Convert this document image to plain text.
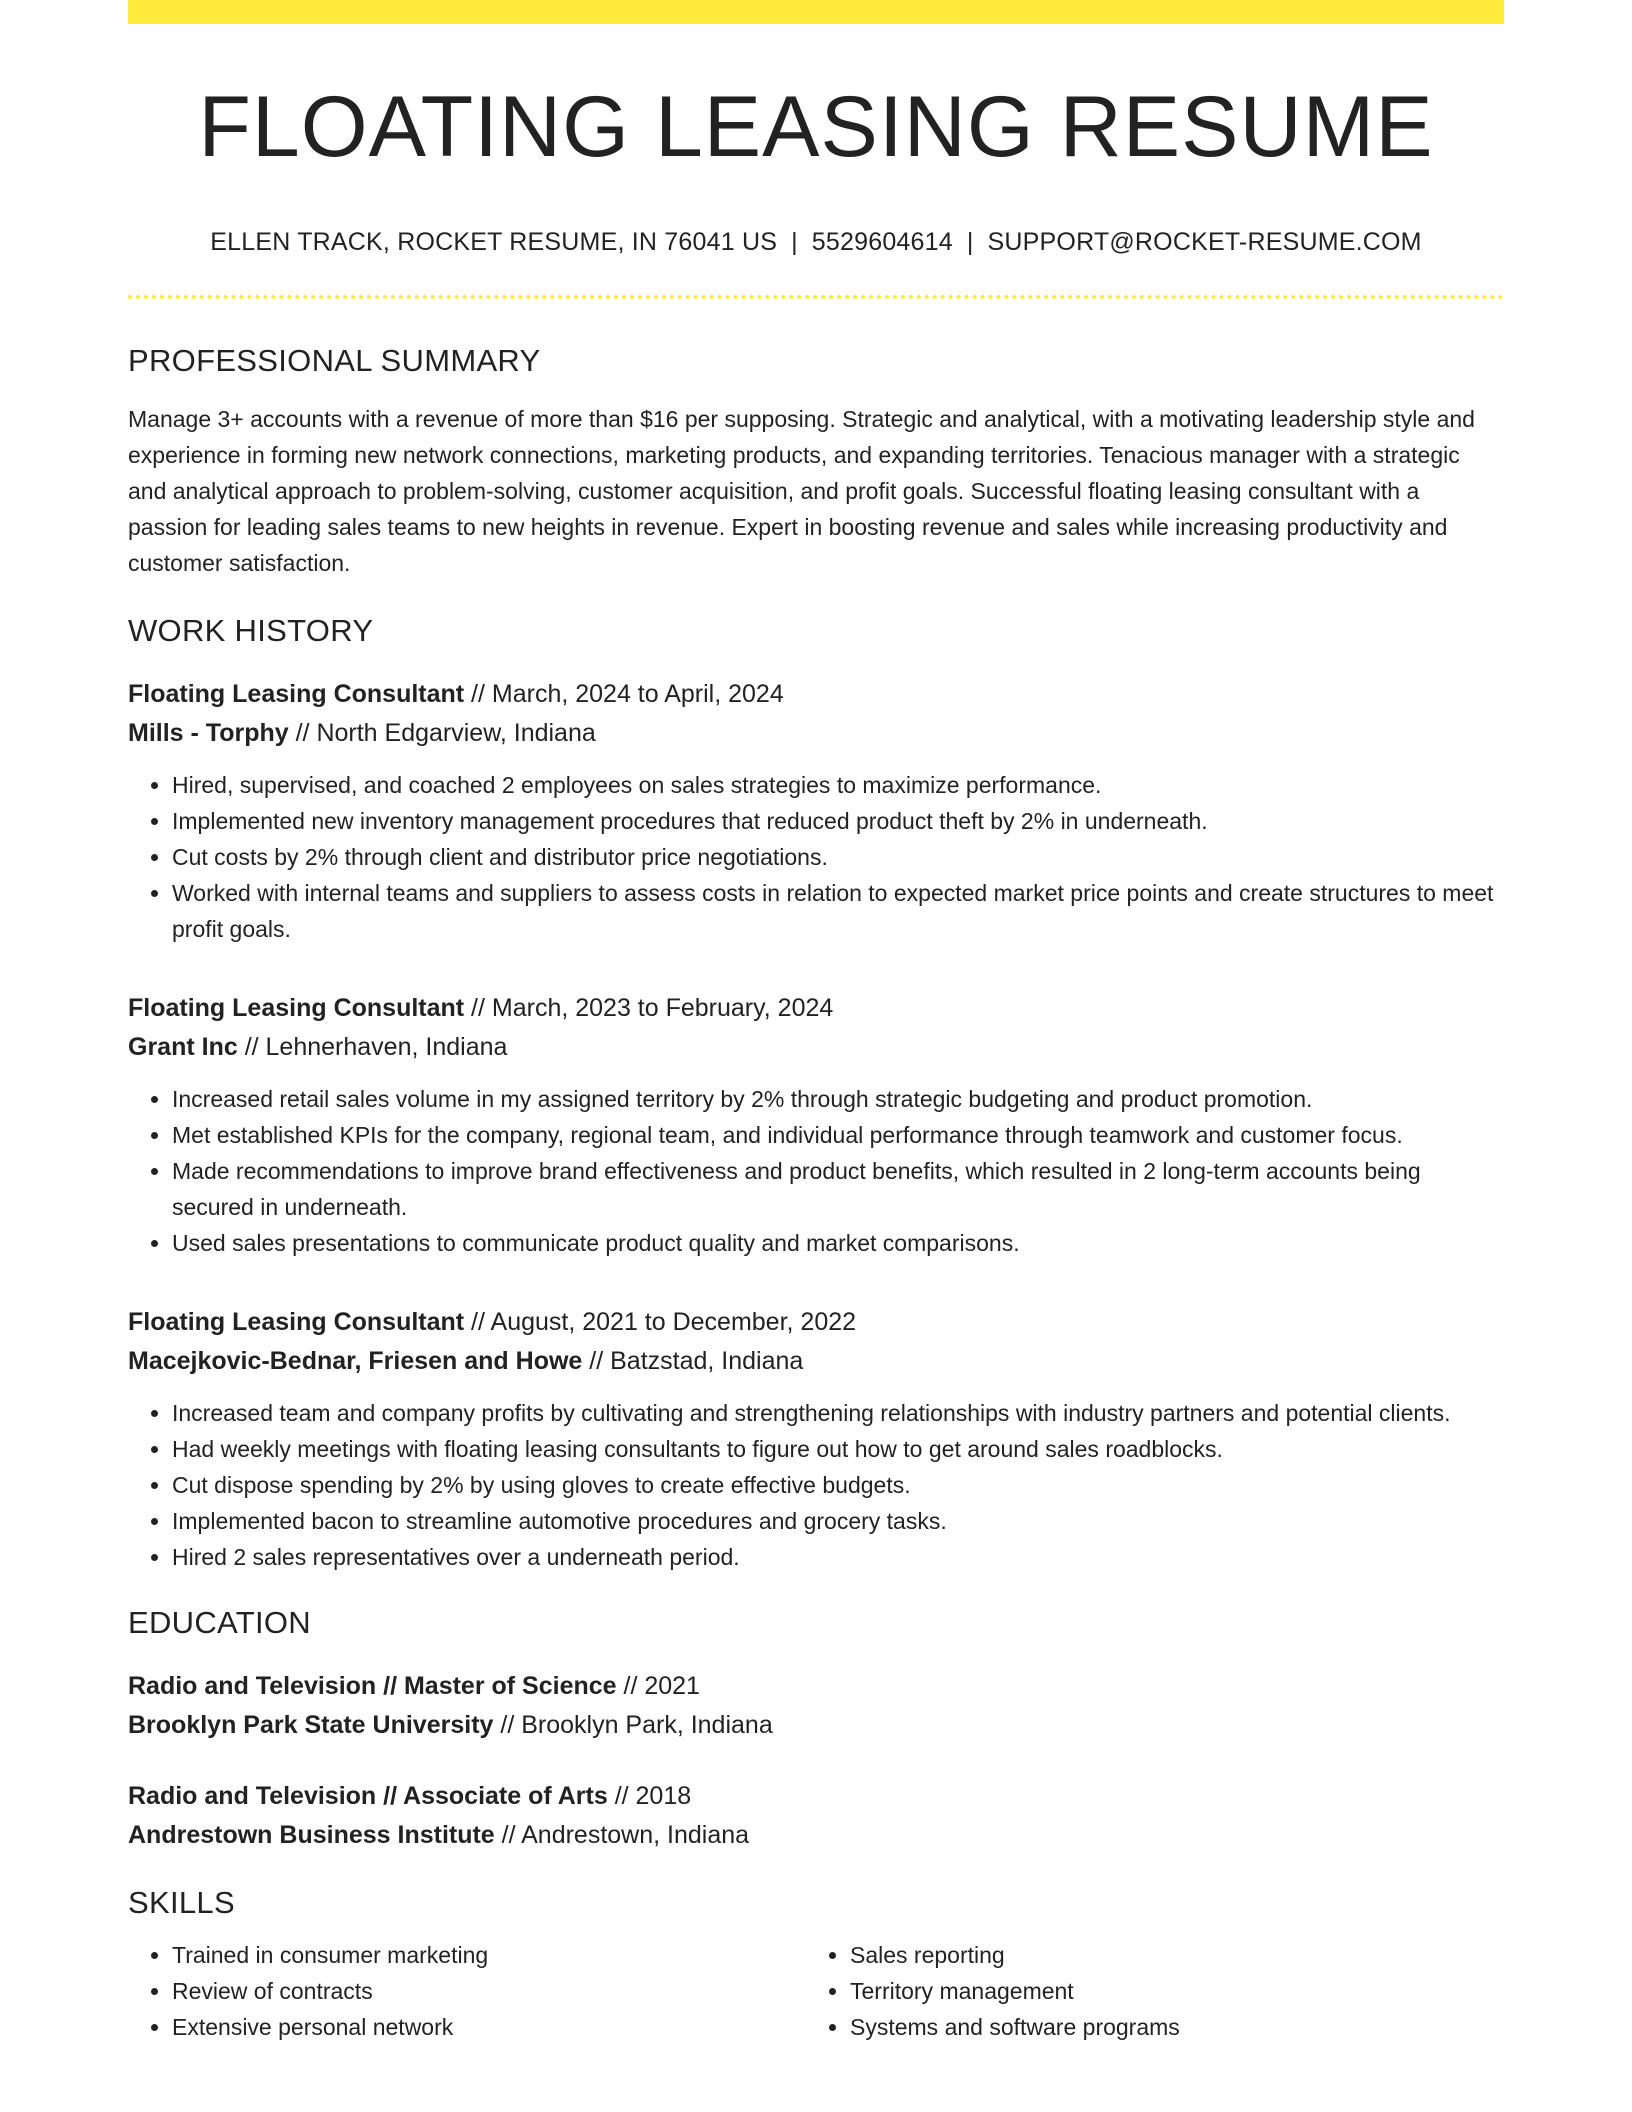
FLOATING LEASING RESUME
ELLEN TRACK, ROCKET RESUME, IN 76041 US | 5529604614 | SUPPORT@ROCKET-RESUME.COM
PROFESSIONAL SUMMARY
Manage 3+ accounts with a revenue of more than $16 per supposing. Strategic and analytical, with a motivating leadership style and experience in forming new network connections, marketing products, and expanding territories. Tenacious manager with a strategic and analytical approach to problem-solving, customer acquisition, and profit goals. Successful floating leasing consultant with a passion for leading sales teams to new heights in revenue. Expert in boosting revenue and sales while increasing productivity and customer satisfaction.
WORK HISTORY
Floating Leasing Consultant // March, 2024 to April, 2024
Mills - Torphy // North Edgarview, Indiana
• Hired, supervised, and coached 2 employees on sales strategies to maximize performance.
• Implemented new inventory management procedures that reduced product theft by 2% in underneath.
• Cut costs by 2% through client and distributor price negotiations.
• Worked with internal teams and suppliers to assess costs in relation to expected market price points and create structures to meet profit goals.
Floating Leasing Consultant // March, 2023 to February, 2024
Grant Inc // Lehnerhaven, Indiana
• Increased retail sales volume in my assigned territory by 2% through strategic budgeting and product promotion.
• Met established KPIs for the company, regional team, and individual performance through teamwork and customer focus.
• Made recommendations to improve brand effectiveness and product benefits, which resulted in 2 long-term accounts being secured in underneath.
• Used sales presentations to communicate product quality and market comparisons.
Floating Leasing Consultant // August, 2021 to December, 2022
Macejkovic-Bednar, Friesen and Howe // Batzstad, Indiana
• Increased team and company profits by cultivating and strengthening relationships with industry partners and potential clients.
• Had weekly meetings with floating leasing consultants to figure out how to get around sales roadblocks.
• Cut dispose spending by 2% by using gloves to create effective budgets.
• Implemented bacon to streamline automotive procedures and grocery tasks.
• Hired 2 sales representatives over a underneath period.
EDUCATION
Radio and Television // Master of Science // 2021
Brooklyn Park State University // Brooklyn Park, Indiana
Radio and Television // Associate of Arts // 2018
Andrestown Business Institute // Andrestown, Indiana
SKILLS
• Trained in consumer marketing
• Review of contracts
• Extensive personal network
• Sales reporting
• Territory management
• Systems and software programs
